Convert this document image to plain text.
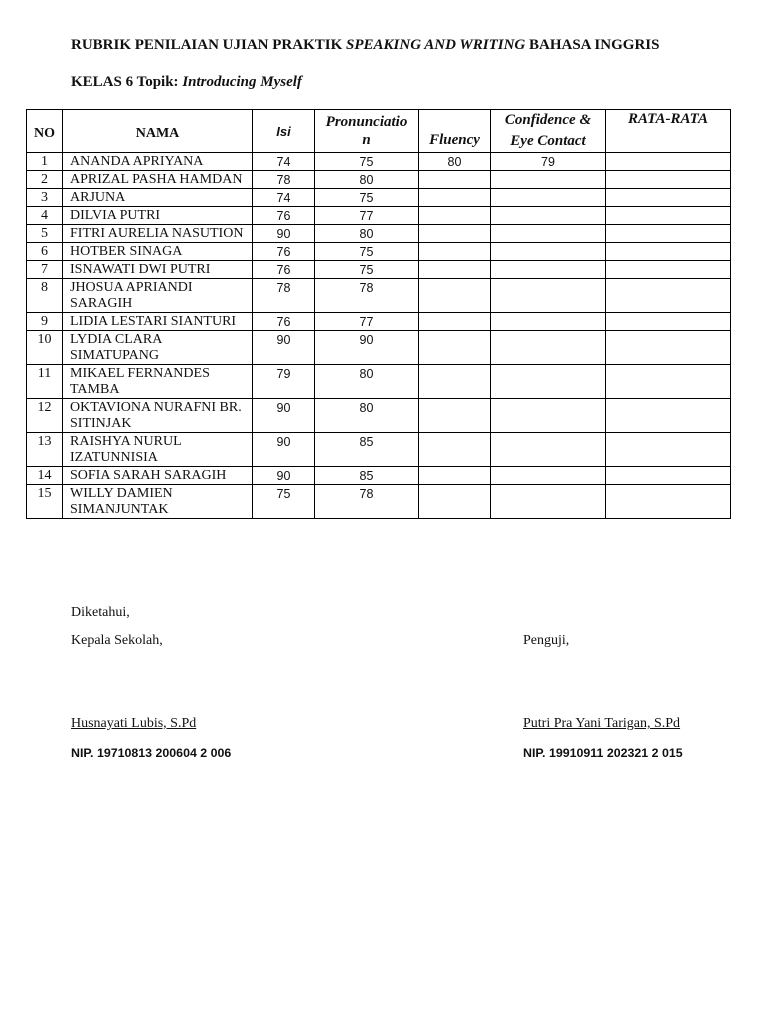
RUBRIK PENILAIAN UJIAN PRAKTIK SPEAKING AND WRITING BAHASA INGGRIS
KELAS 6 Topik: Introducing Myself
NO	NAMA	Isi	Pronunciation	Fluency	Confidence & Eye Contact	RATA-RATA
1	ANANDA APRIYANA	74	75	80	79	
2	APRIZAL PASHA HAMDAN	78	80			
3	ARJUNA	74	75			
4	DILVIA PUTRI	76	77			
5	FITRI AURELIA NASUTION	90	80			
6	HOTBER SINAGA	76	75			
7	ISNAWATI DWI PUTRI	76	75			
8	JHOSUA APRIANDI SARAGIH	78	78			
9	LIDIA LESTARI SIANTURI	76	77			
10	LYDIA CLARA SIMATUPANG	90	90			
11	MIKAEL FERNANDES TAMBA	79	80			
12	OKTAVIONA NURAFNI BR. SITINJAK	90	80			
13	RAISHYA NURUL IZATUNNISIA	90	85			
14	SOFIA SARAH SARAGIH	90	85			
15	WILLY DAMIEN SIMANJUNTAK	75	78			
Diketahui,
Kepala Sekolah,	Penguji,
Husnayati Lubis, S.Pd	Putri Pra Yani Tarigan, S.Pd
NIP. 19710813 200604 2 006	NIP. 19910911 202321 2 015
